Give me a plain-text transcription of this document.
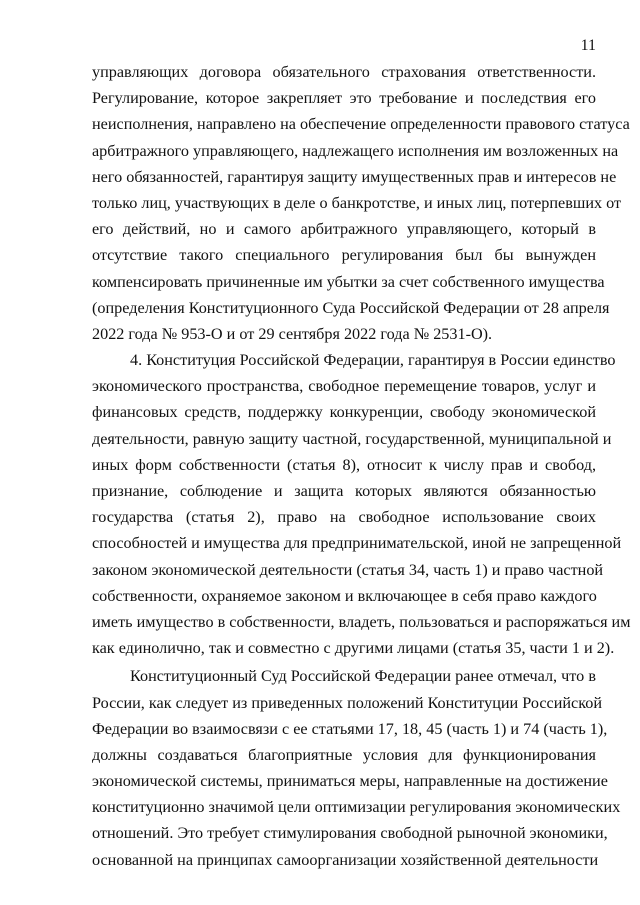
11
управляющих договора обязательного страхования ответственности.
Регулирование, которое закрепляет это требование и последствия его
неисполнения, направлено на обеспечение определенности правового статуса
арбитражного управляющего, надлежащего исполнения им возложенных на
него обязанностей, гарантируя защиту имущественных прав и интересов не
только лиц, участвующих в деле о банкротстве, и иных лиц, потерпевших от
его действий, но и самого арбитражного управляющего, который в
отсутствие такого специального регулирования был бы вынужден
компенсировать причиненные им убытки за счет собственного имущества
(определения Конституционного Суда Российской Федерации от 28 апреля
2022 года № 953-О и от 29 сентября 2022 года № 2531-О).
4. Конституция Российской Федерации, гарантируя в России единство
экономического пространства, свободное перемещение товаров, услуг и
финансовых средств, поддержку конкуренции, свободу экономической
деятельности, равную защиту частной, государственной, муниципальной и
иных форм собственности (статья 8), относит к числу прав и свобод,
признание, соблюдение и защита которых являются обязанностью
государства (статья 2), право на свободное использование своих
способностей и имущества для предпринимательской, иной не запрещенной
законом экономической деятельности (статья 34, часть 1) и право частной
собственности, охраняемое законом и включающее в себя право каждого
иметь имущество в собственности, владеть, пользоваться и распоряжаться им
как единолично, так и совместно с другими лицами (статья 35, части 1 и 2).
Конституционный Суд Российской Федерации ранее отмечал, что в
России, как следует из приведенных положений Конституции Российской
Федерации во взаимосвязи с ее статьями 17, 18, 45 (часть 1) и 74 (часть 1),
должны создаваться благоприятные условия для функционирования
экономической системы, приниматься меры, направленные на достижение
конституционно значимой цели оптимизации регулирования экономических
отношений. Это требует стимулирования свободной рыночной экономики,
основанной на принципах самоорганизации хозяйственной деятельности
